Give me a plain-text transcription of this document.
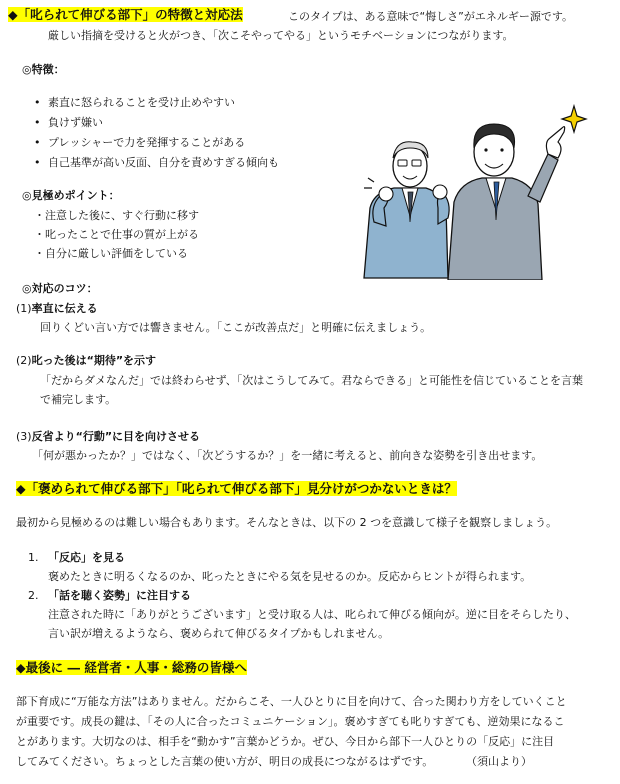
◆「叱られて伸びる部下」の特徴と対応法	このタイプは、ある意味で“悔しさ”がエネルギー源です。
厳しい指摘を受けると火がつき、「次こそやってやる」というモチベーションにつながります。
◎特徴：
• 素直に怒られることを受け止めやすい
• 負けず嫌い
• プレッシャーで力を発揮することがある
• 自己基準が高い反面、自分を責めすぎる傾向も
◎見極めポイント：
・注意した後に、すぐ行動に移す
・叱ったことで仕事の質が上がる
・自分に厳しい評価をしている
◎対応のコツ：
(1)率直に伝える
回りくどい言い方では響きません。「ここが改善点だ」と明確に伝えましょう。
(2)叱った後は“期待”を示す
「だからダメなんだ」では終わらせず、「次はこうしてみて。君ならできる」と可能性を信じていることを言葉
で補完します。
(3)反省より“行動”に目を向けさせる
「何が悪かったか？」ではなく、「次どうするか？」を一緒に考えると、前向きな姿勢を引き出せます。
◆「褒められて伸びる部下」「叱られて伸びる部下」見分けがつかないときは？
最初から見極めるのは難しい場合もあります。そんなときは、以下の 2 つを意識して様子を観察しましょう。
1. 「反応」を見る
褒めたときに明るくなるのか、叱ったときにやる気を見せるのか。反応からヒントが得られます。
2. 「話を聴く姿勢」に注目する
注意された時に「ありがとうございます」と受け取る人は、叱られて伸びる傾向が。逆に目をそらしたり、
言い訳が増えるようなら、褒められて伸びるタイプかもしれません。
◆最後に ― 経営者・人事・総務の皆様へ
部下育成に“万能な方法”はありません。だからこそ、一人ひとりに目を向けて、合った関わり方をしていくこと
が重要です。成長の鍵は、「その人に合ったコミュニケーション」。褒めすぎても叱りすぎても、逆効果になるこ
とがあります。大切なのは、相手を“動かす”言葉かどうか。ぜひ、今日から部下一人ひとりの「反応」に注目
してみてください。ちょっとした言葉の使い方が、明日の成長につながるはずです。	（須山より）
